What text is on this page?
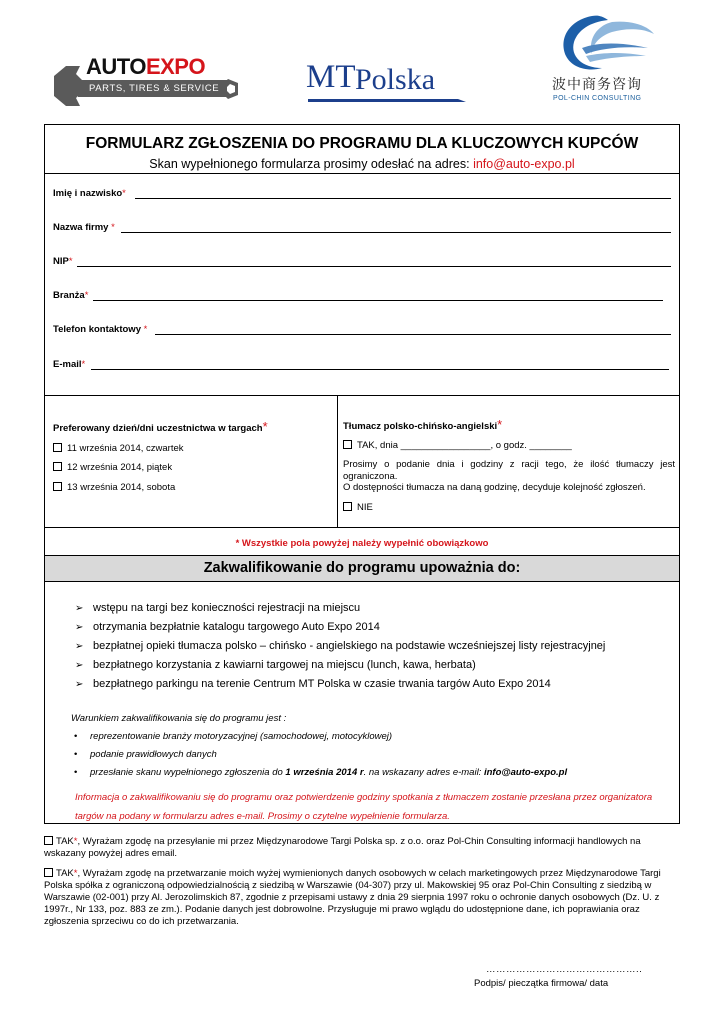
AUTOEXPO
PARTS, TIRES & SERVICE	MT Polska	波中商务咨询
POL-CHIN CONSULTING
FORMULARZ ZGŁOSZENIA DO PROGRAMU DLA KLUCZOWYCH KUPCÓW
Skan wypełnionego formularza prosimy odesłać na adres: info@auto-expo.pl
Imię i nazwisko*
Nazwa firmy *
NIP*
Branża*
Telefon kontaktowy *
E-mail*
Preferowany dzień/dni uczestnictwa w targach*
11 września 2014, czwartek
12 września 2014, piątek
13 września 2014, sobota
Tłumacz polsko-chińsko-angielski*
TAK, dnia _________________, o godz. ________
Prosimy o podanie dnia i godziny z racji tego, że ilość tłumaczy jest ograniczona.
O dostępności tłumacza na daną godzinę, decyduje kolejność zgłoszeń.
NIE
* Wszystkie pola powyżej należy wypełnić obowiązkowo
Zakwalifikowanie do programu upoważnia do:
➢ wstępu na targi bez konieczności rejestracji na miejscu
➢ otrzymania bezpłatnie katalogu targowego Auto Expo 2014
➢ bezpłatnej opieki tłumacza polsko – chińsko - angielskiego na podstawie wcześniejszej listy rejestracyjnej
➢ bezpłatnego korzystania z kawiarni targowej na miejscu (lunch, kawa, herbata)
➢ bezpłatnego parkingu na terenie Centrum MT Polska w czasie trwania targów Auto Expo 2014
Warunkiem zakwalifikowania się do programu jest :
• reprezentowanie branży motoryzacyjnej (samochodowej, motocyklowej)
• podanie prawidłowych danych
• przesłanie skanu wypełnionego zgłoszenia do 1 września 2014 r. na wskazany adres e-mail: info@auto-expo.pl
Informacja o zakwalifikowaniu się do programu oraz potwierdzenie godziny spotkania z tłumaczem zostanie przesłana przez organizatora targów na podany w formularzu adres e-mail. Prosimy o czytelne wypełnienie formularza.
TAK*, Wyrażam zgodę na przesyłanie mi przez Międzynarodowe Targi Polska sp. z o.o. oraz Pol-Chin Consulting informacji handlowych na wskazany powyżej adres email.
TAK*, Wyrażam zgodę na przetwarzanie moich wyżej wymienionych danych osobowych w celach marketingowych przez Międzynarodowe Targi Polska spółka z ograniczoną odpowiedzialnością z siedzibą w Warszawie (04-307) przy ul. Makowskiej 95 oraz Pol-Chin Consulting z siedzibą w Warszawie (02-001) przy Al. Jerozolimskich 87, zgodnie z przepisami ustawy z dnia 29 sierpnia 1997 roku o ochronie danych osobowych (Dz. U. z 1997r., Nr 133, poz. 883 ze zm.). Podanie danych jest dobrowolne. Przysługuje mi prawo wglądu do udostępnione dane, ich poprawiania oraz zgłoszenia sprzeciwu co do ich przetwarzania.
………………………………………..
Podpis/ pieczątka firmowa/ data
